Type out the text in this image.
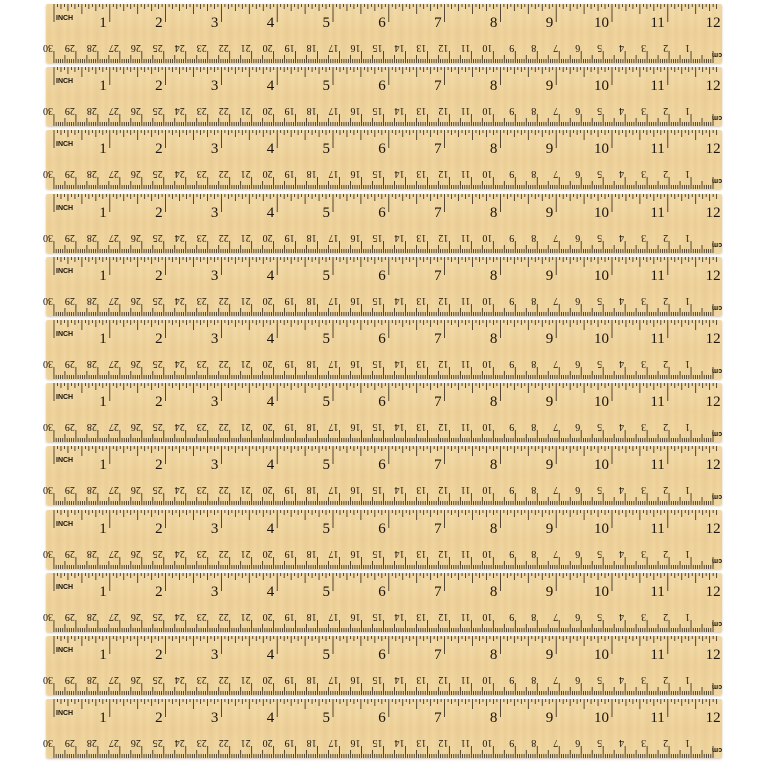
INCH 1	2	3	4	5	6	7	8	9	10	11	12
cm
1
2
3
4
5
6
7
8
9
10
11
12
13
14
15
16
17
18
19
20
21
22
23
24
25
26
27
28
29
30
INCH 1	2	3	4	5	6	7	8	9	10	11	12
cm
1
2
3
4
5
6
7
8
9
10
11
12
13
14
15
16
17
18
19
20
21
22
23
24
25
26
27
28
29
30
INCH 1	2	3	4	5	6	7	8	9	10	11	12
cm
1
2
3
4
5
6
7
8
9
10
11
12
13
14
15
16
17
18
19
20
21
22
23
24
25
26
27
28
29
30
INCH 1	2	3	4	5	6	7	8	9	10	11	12
cm
1
2
3
4
5
6
7
8
9
10
11
12
13
14
15
16
17
18
19
20
21
22
23
24
25
26
27
28
29
30
INCH 1	2	3	4	5	6	7	8	9	10	11	12
cm
1
2
3
4
5
6
7
8
9
10
11
12
13
14
15
16
17
18
19
20
21
22
23
24
25
26
27
28
29
30
INCH 1	2	3	4	5	6	7	8	9	10	11	12
cm
1
2
3
4
5
6
7
8
9
10
11
12
13
14
15
16
17
18
19
20
21
22
23
24
25
26
27
28
29
30
INCH 1	2	3	4	5	6	7	8	9	10	11	12
cm
1
2
3
4
5
6
7
8
9
10
11
12
13
14
15
16
17
18
19
20
21
22
23
24
25
26
27
28
29
30
INCH 1	2	3	4	5	6	7	8	9	10	11	12
cm
1
2
3
4
5
6
7
8
9
10
11
12
13
14
15
16
17
18
19
20
21
22
23
24
25
26
27
28
29
30
INCH 1	2	3	4	5	6	7	8	9	10	11	12
cm
1
2
3
4
5
6
7
8
9
10
11
12
13
14
15
16
17
18
19
20
21
22
23
24
25
26
27
28
29
30
INCH 1	2	3	4	5	6	7	8	9	10	11	12
cm
1
2
3
4
5
6
7
8
9
10
11
12
13
14
15
16
17
18
19
20
21
22
23
24
25
26
27
28
29
30
INCH 1	2	3	4	5	6	7	8	9	10	11	12
cm
1
2
3
4
5
6
7
8
9
10
11
12
13
14
15
16
17
18
19
20
21
22
23
24
25
26
27
28
29
30
INCH 1	2	3	4	5	6	7	8	9	10	11	12
cm
1
2
3
4
5
6
7
8
9
10
11
12
13
14
15
16
17
18
19
20
21
22
23
24
25
26
27
28
29
30
